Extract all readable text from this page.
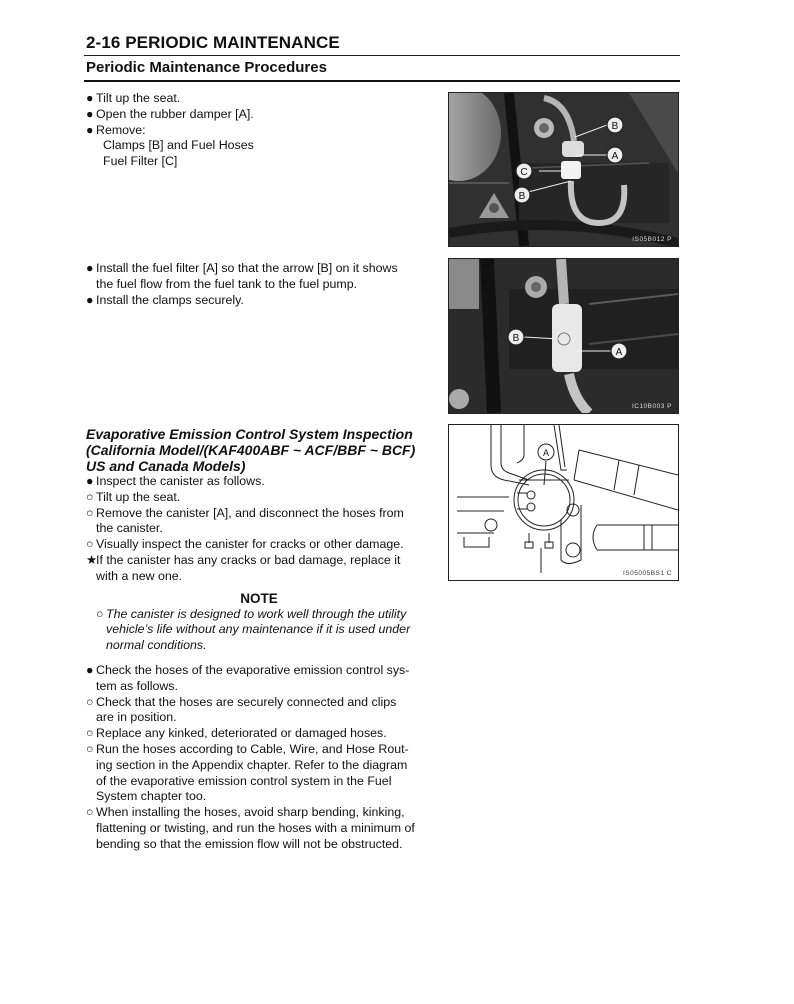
2-16 PERIODIC MAINTENANCE
Periodic Maintenance Procedures
● Tilt up the seat.
● Open the rubber damper [A].
● Remove:
Clamps [B] and Fuel Hoses
Fuel Filter [C]
B
A
C
B
IS05B012 P
● Install the fuel filter [A] so that the arrow [B] on it shows
the fuel flow from the fuel tank to the fuel pump.
● Install the clamps securely.
B
A
IC10B003 P
Evaporative Emission Control System Inspection
(California Model/(KAF400ABF ~ ACF/BBF ~ BCF)
US and Canada Models)
● Inspect the canister as follows.
○ Tilt up the seat.
○ Remove the canister [A], and disconnect the hoses from
the canister.
○ Visually inspect the canister for cracks or other damage.
★If the canister has any cracks or bad damage, replace it
with a new one.
NOTE
○ The canister is designed to work well through the utility
vehicle’s life without any maintenance if it is used under
normal conditions.
● Check the hoses of the evaporative emission control sys-
tem as follows.
○ Check that the hoses are securely connected and clips
are in position.
○ Replace any kinked, deteriorated or damaged hoses.
○ Run the hoses according to Cable, Wire, and Hose Rout-
ing section in the Appendix chapter. Refer to the diagram
of the evaporative emission control system in the Fuel
System chapter too.
○ When installing the hoses, avoid sharp bending, kinking,
flattening or twisting, and run the hoses with a minimum of
bending so that the emission flow will not be obstructed.
A
IS05005BS1 C
